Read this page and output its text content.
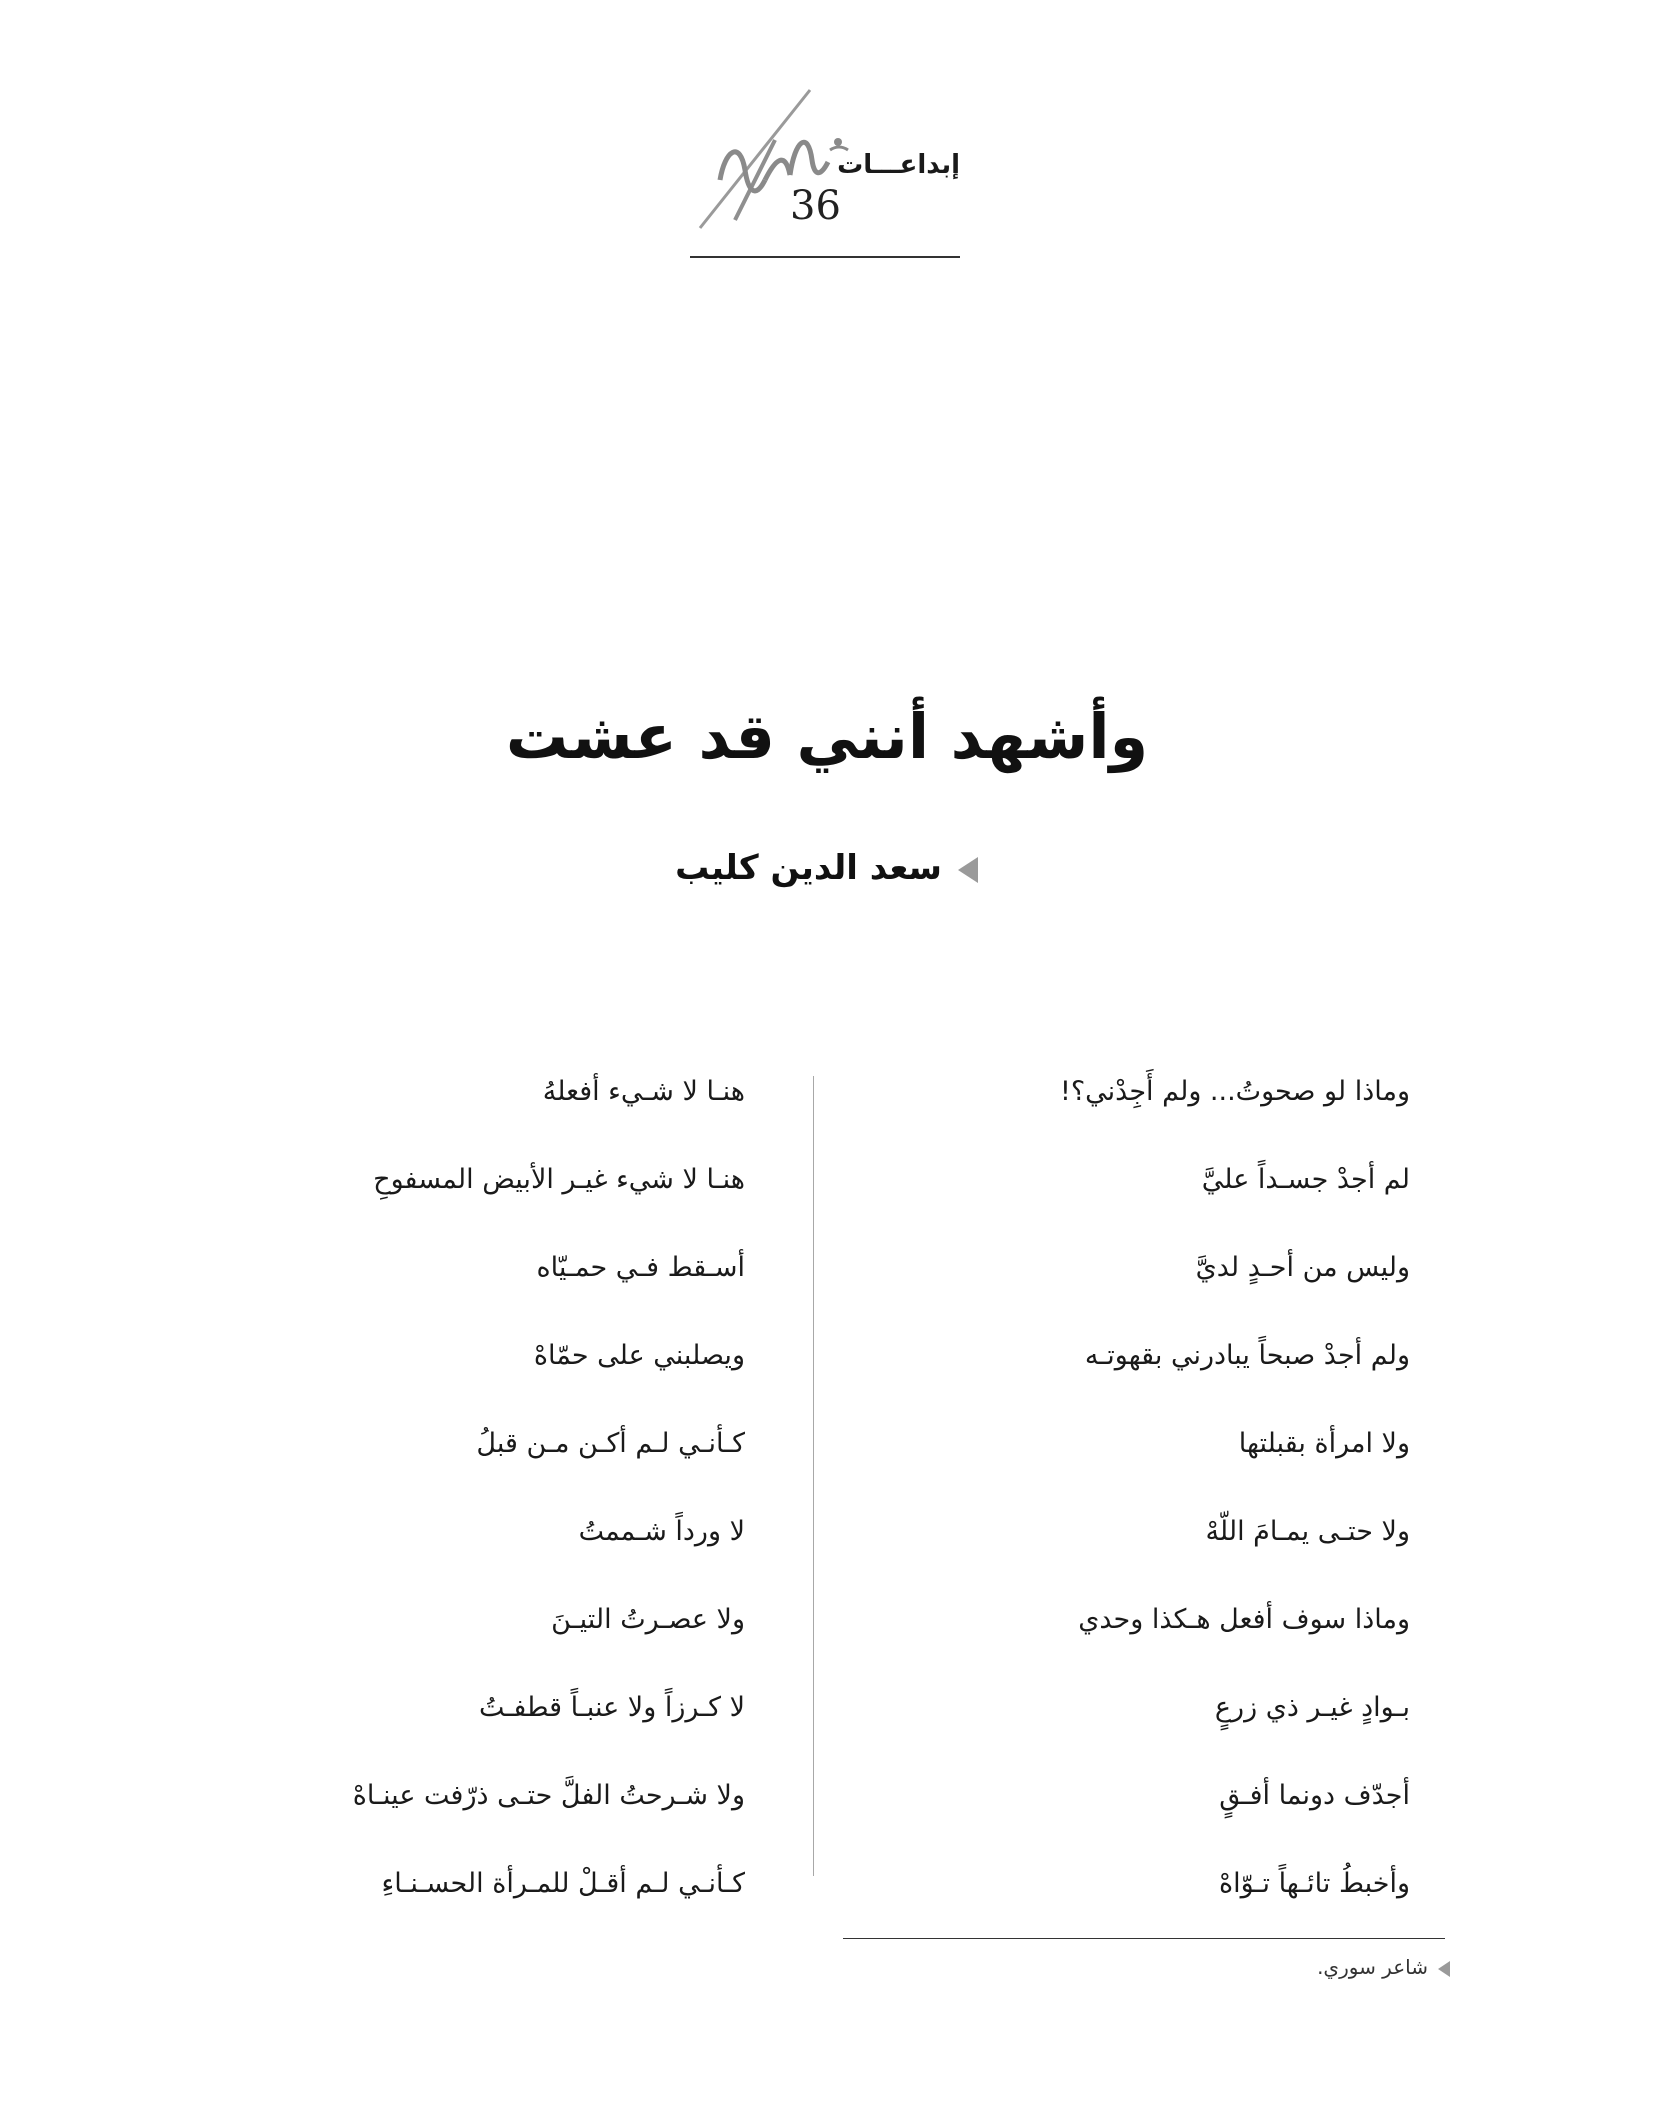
إبداعـــات
36
وأشهد أنني قد عشت
سعد الدين كليب
وماذا لو صحوتُ... ولم أَجِدْني؟!
لم أجدْ جسـداً عليَّ
وليس من أحـدٍ لديَّ
ولم أجدْ صبحاً يبادرني بقهوتـه
ولا امرأة بقبلتها
ولا حتـى يمـامَ اللّهْ
وماذا سوف أفعل هـكذا وحدي
بـوادٍ غيـر ذي زرعٍ
أجدّف دونما أفـقٍ
وأخبطُ تائـهاً تـوّاهْ
هنـا لا شـيء أفعلهُ
هنـا لا شيء غيـر الأبيض المسفوحِ
أسـقط فـي حمـيّاه
ويصلبني على حمّاهْ
كـأنـي لـم أكـن مـن قبلُ
لا ورداً شـممتُ
ولا عصـرتُ التيـنَ
لا كـرزاً ولا عنبـاً قطفـتُ
ولا شـرحتُ الفلَّ حتـى ذرّفت عينـاهْ
كـأنـي لـم أقـلْ للمـرأة الحسـنـاءِ
شاعر سوري.
